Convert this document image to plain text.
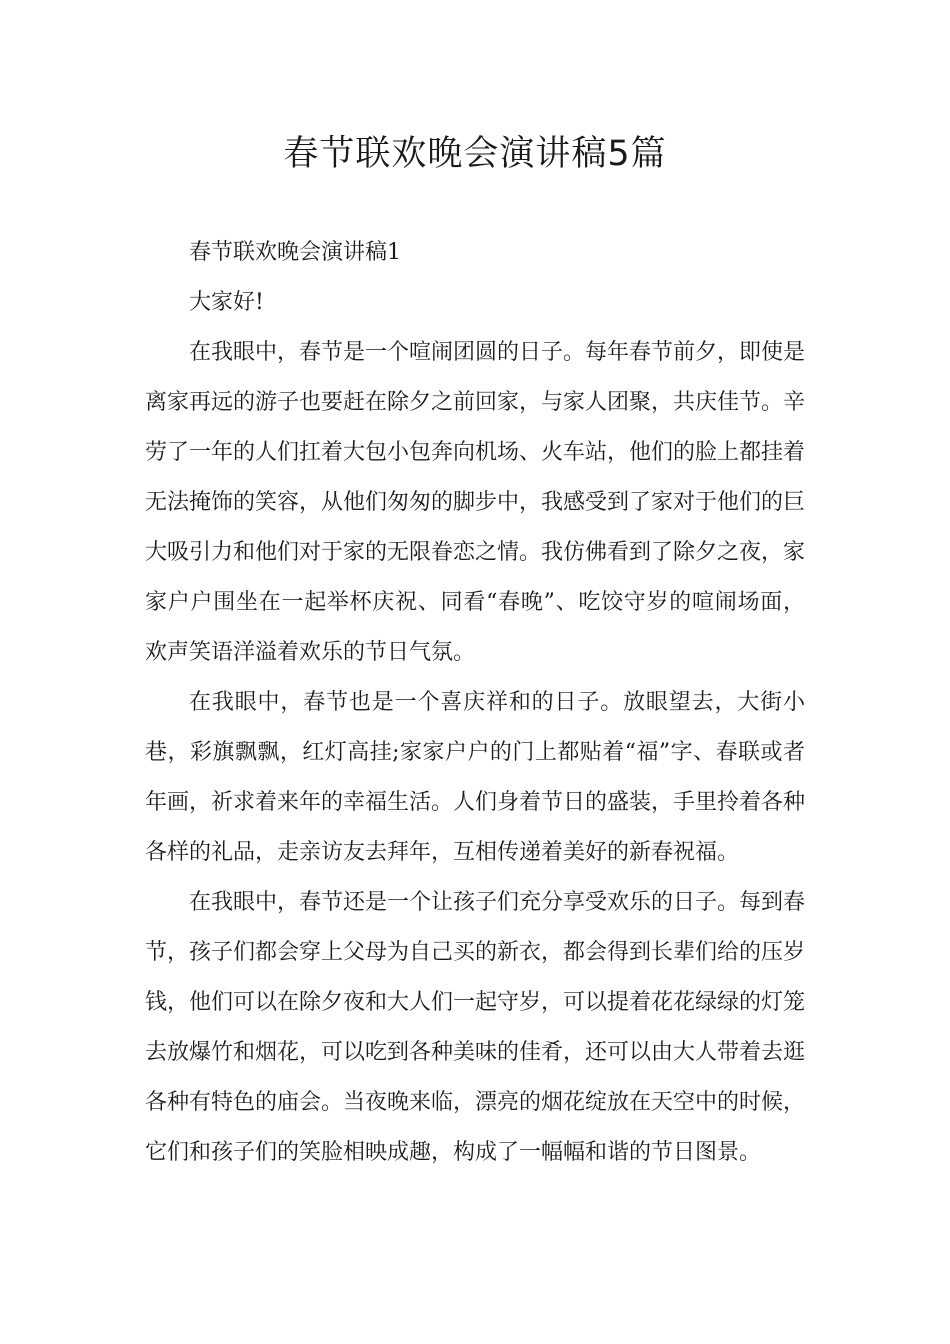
春节联欢晚会演讲稿5篇

春节联欢晚会演讲稿1

大家好!

在我眼中，春节是一个喧闹团圆的日子。每年春节前夕，即使是离家再远的游子也要赶在除夕之前回家，与家人团聚，共庆佳节。辛劳了一年的人们扛着大包小包奔向机场、火车站，他们的脸上都挂着无法掩饰的笑容，从他们匆匆的脚步中，我感受到了家对于他们的巨大吸引力和他们对于家的无限眷恋之情。我仿佛看到了除夕之夜，家家户户围坐在一起举杯庆祝、同看“春晚”、吃饺守岁的喧闹场面，欢声笑语洋溢着欢乐的节日气氛。

在我眼中，春节也是一个喜庆祥和的日子。放眼望去，大街小巷，彩旗飘飘，红灯高挂;家家户户的门上都贴着“福”字、春联或者年画，祈求着来年的幸福生活。人们身着节日的盛装，手里拎着各种各样的礼品，走亲访友去拜年，互相传递着美好的新春祝福。

在我眼中，春节还是一个让孩子们充分享受欢乐的日子。每到春节，孩子们都会穿上父母为自己买的新衣，都会得到长辈们给的压岁钱，他们可以在除夕夜和大人们一起守岁，可以提着花花绿绿的灯笼去放爆竹和烟花，可以吃到各种美味的佳肴，还可以由大人带着去逛各种有特色的庙会。当夜晚来临，漂亮的烟花绽放在天空中的时候，它们和孩子们的笑脸相映成趣，构成了一幅幅和谐的节日图景。
